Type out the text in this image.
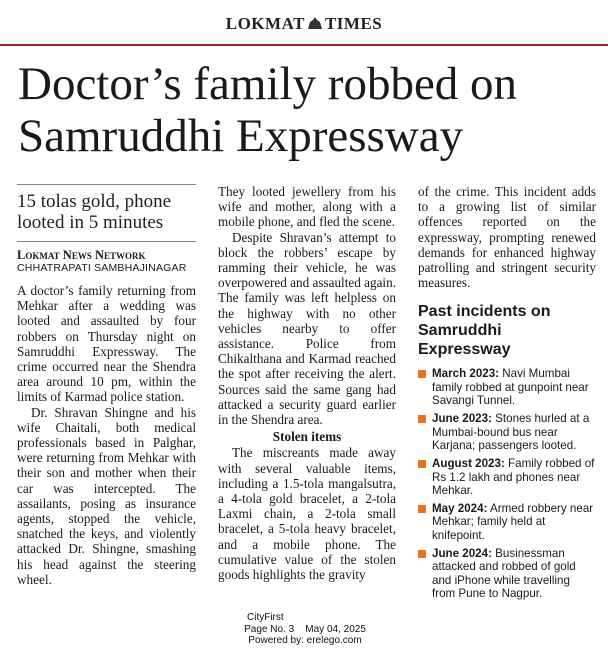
LOKMAT TIMES
Doctor’s family robbed on
Samruddhi Expressway
15 tolas gold, phone
looted in 5 minutes
Lokmat News Network
CHHATRAPATI SAMBHAJINAGAR

A doctor’s family returning from Mehkar after a wedding was looted and assaulted by four robbers on Thursday night on Samruddhi Expressway. The crime occurred near the Shendra area around 10 pm, within the limits of Karmad police station.

Dr. Shravan Shingne and his wife Chaitali, both medical professionals based in Palghar, were returning from Mehkar with their son and mother when their car was intercepted. The assailants, posing as insurance agents, stopped the vehicle, snatched the keys, and violently attacked Dr. Shingne, smashing his head against the steering wheel.

They looted jewellery from his wife and mother, along with a mobile phone, and fled the scene.

Despite Shravan’s attempt to block the robbers’ escape by ramming their vehicle, he was overpowered and assaulted again. The family was left helpless on the highway with no other vehicles nearby to offer assistance. Police from Chikalthana and Karmad reached the spot after receiving the alert. Sources said the same gang had attacked a security guard earlier in the Shendra area.

Stolen items

The miscreants made away with several valuable items, including a 1.5-tola mangalsutra, a 4-tola gold bracelet, a 2-tola Laxmi chain, a 2-tola small bracelet, a 5-tola heavy bracelet, and a mobile phone. The cumulative value of the stolen goods highlights the gravity

of the crime. This incident adds to a growing list of similar offences reported on the expressway, prompting renewed demands for enhanced highway patrolling and stringent security measures.

Past incidents on Samruddhi Expressway
March 2023: Navi Mumbai family robbed at gunpoint near Savangi Tunnel.
June 2023: Stones hurled at a Mumbai-bound bus near Karjana; passengers looted.
August 2023: Family robbed of Rs 1.2 lakh and phones near Mehkar.
May 2024: Armed robbery near Mehkar; family held at knifepoint.
June 2024: Businessman attacked and robbed of gold and iPhone while travelling from Pune to Nagpur.
CityFirst
Page No. 3 May 04, 2025
Powered by: erelego.com
